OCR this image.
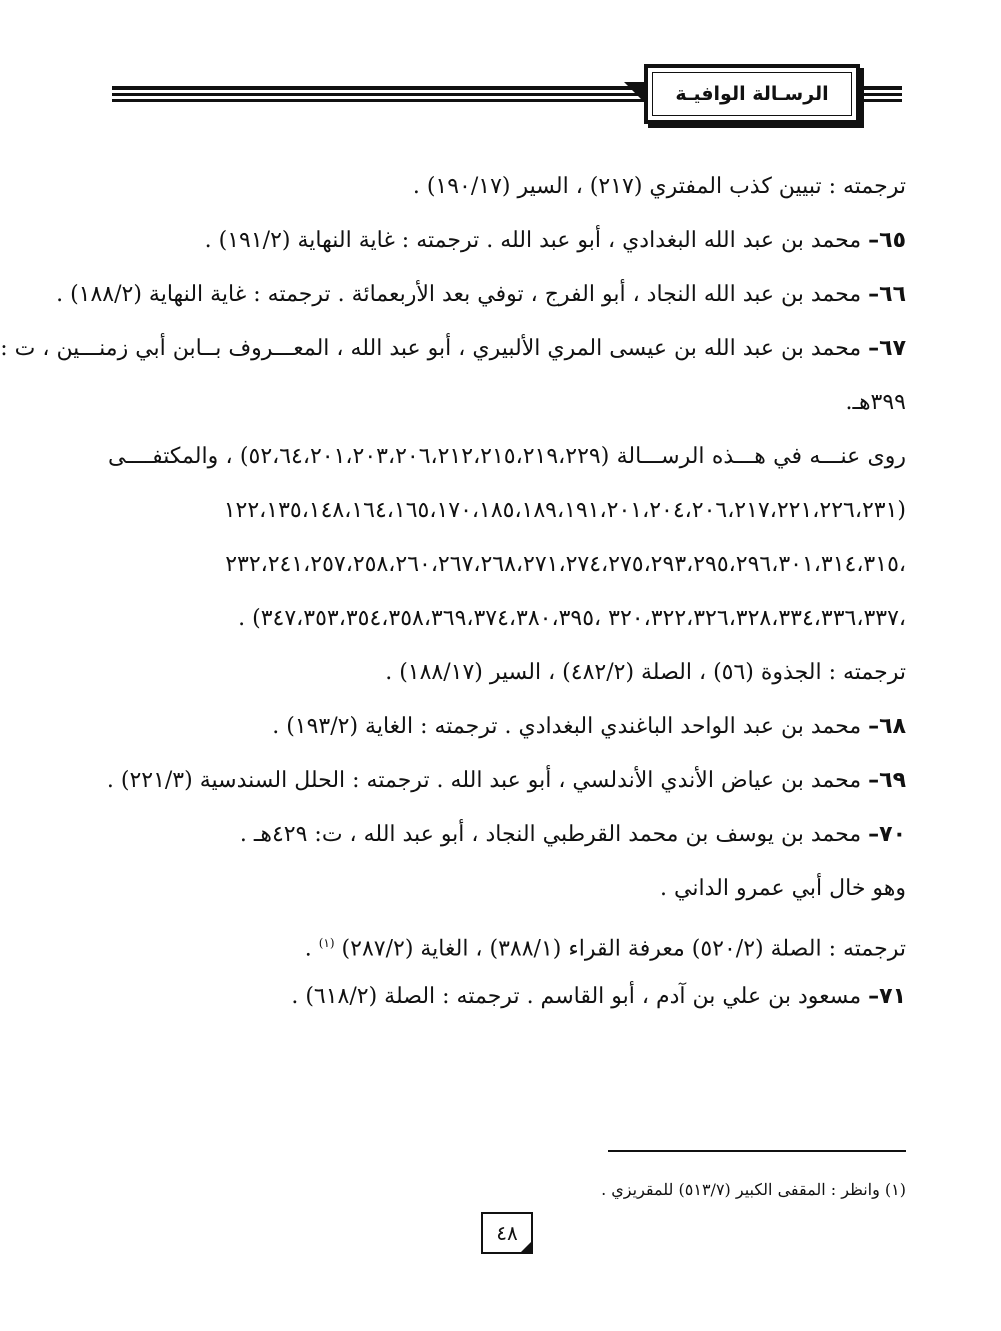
الرسـالة الوافيـة
ترجمته : تبيين كذب المفتري (٢١٧) ، السير (١٩٠/١٧) .
٦٥– محمد بن عبد الله البغدادي ، أبو عبد الله . ترجمته : غاية النهاية (١٩١/٢) .
٦٦– محمد بن عبد الله النجاد ، أبو الفرج ، توفي بعد الأربعمائة . ترجمته : غاية النهاية (١٨٨/٢) .
٦٧– محمد بن عبد الله بن عيسى المري الألبيري ، أبو عبد الله ، المعـــروف بــابن أبي زمنـــين ، ت :
٣٩٩هـ.
روى عنـــه في هـــذه الرســـالة (٥٢،٦٤،٢٠١،٢٠٣،٢٠٦،٢١٢،٢١٥،٢١٩،٢٢٩) ، والمكتفــــى
(١٢٢،١٣٥،١٤٨،١٦٤،١٦٥،١٧٠،١٨٥،١٨٩،١٩١،٢٠١،٢٠٤،٢٠٦،٢١٧،٢٢١،٢٢٦،٢٣١
،٢٣٢،٢٤١،٢٥٧،٢٥٨،٢٦٠،٢٦٧،٢٦٨،٢٧١،٢٧٤،٢٧٥،٢٩٣،٢٩٥،٢٩٦،٣٠١،٣١٤،٣١٥
،٣٢٠،٣٢٢،٣٢٦،٣٢٨،٣٣٤،٣٣٦،٣٣٧ ،٣٤٧،٣٥٣،٣٥٤،٣٥٨،٣٦٩،٣٧٤،٣٨٠،٣٩٥) .
ترجمته : الجذوة (٥٦) ، الصلة (٤٨٢/٢) ، السير (١٨٨/١٧) .
٦٨– محمد بن عبد الواحد الباغندي البغدادي . ترجمته : الغاية (١٩٣/٢) .
٦٩– محمد بن عياض الأندي الأندلسي ، أبو عبد الله . ترجمته : الحلل السندسية (٢٢١/٣) .
٧٠– محمد بن يوسف بن محمد القرطبي النجاد ، أبو عبد الله ، ت: ٤٢٩هـ .
وهو خال أبي عمرو الداني .
ترجمته : الصلة (٥٢٠/٢) معرفة القراء (٣٨٨/١) ، الغاية (٢٨٧/٢) $^{(١)}$ .
٧١– مسعود بن علي بن آدم ، أبو القاسم . ترجمته : الصلة (٦١٨/٢) .
(١) وانظر : المقفى الكبير (٥١٣/٧) للمقريزي .
٤٨
